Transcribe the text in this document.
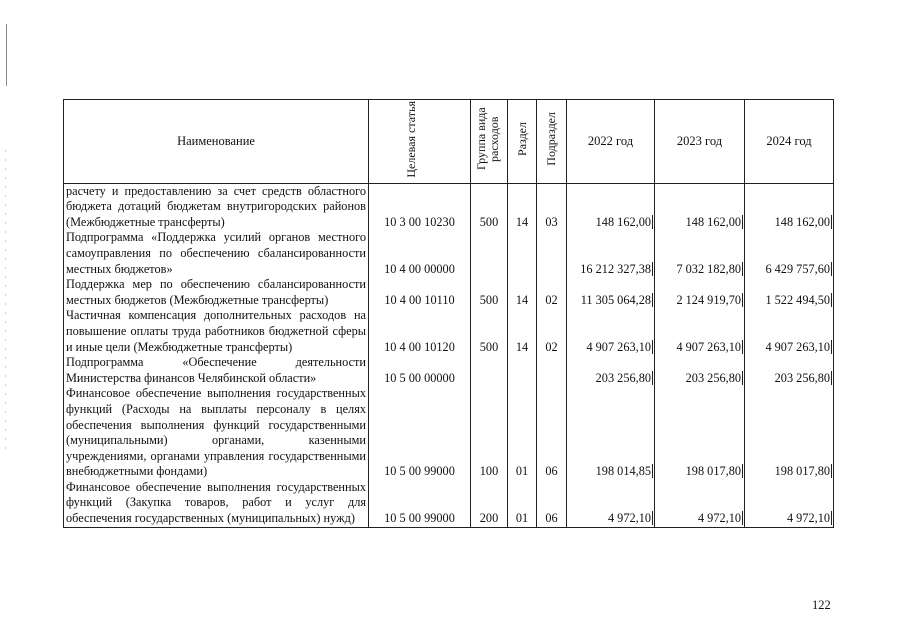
Наименование	Целевая статья	Группа вида расходов	Раздел	Подраздел	2022 год	2023 год	2024 год
расчету и предоставлению за счет средств областного бюджета дотаций бюджетам внутригородских районов (Межбюджетные трансферты)	10 3 00 10230	500	14	03	148 162,00	148 162,00	148 162,00
Подпрограмма «Поддержка усилий органов местного самоуправления по обеспечению сбалансированности местных бюджетов»	10 4 00 00000				16 212 327,38	7 032 182,80	6 429 757,60
Поддержка мер по обеспечению сбалансированности местных бюджетов (Межбюджетные трансферты)	10 4 00 10110	500	14	02	11 305 064,28	2 124 919,70	1 522 494,50
Частичная компенсация дополнительных расходов на повышение оплаты труда работников бюджетной сферы и иные цели (Межбюджетные трансферты)	10 4 00 10120	500	14	02	4 907 263,10	4 907 263,10	4 907 263,10
Подпрограмма «Обеспечение деятельности Министерства финансов Челябинской области»	10 5 00 00000				203 256,80	203 256,80	203 256,80
Финансовое обеспечение выполнения государственных функций (Расходы на выплаты персоналу в целях обеспечения выполнения функций государственными (муниципальными) органами, казенными учреждениями, органами управления государственными внебюджетными фондами)	10 5 00 99000	100	01	06	198 014,85	198 017,80	198 017,80
Финансовое обеспечение выполнения государственных функций (Закупка товаров, работ и услуг для обеспечения государственных (муниципальных) нужд)	10 5 00 99000	200	01	06	4 972,10	4 972,10	4 972,10
122
